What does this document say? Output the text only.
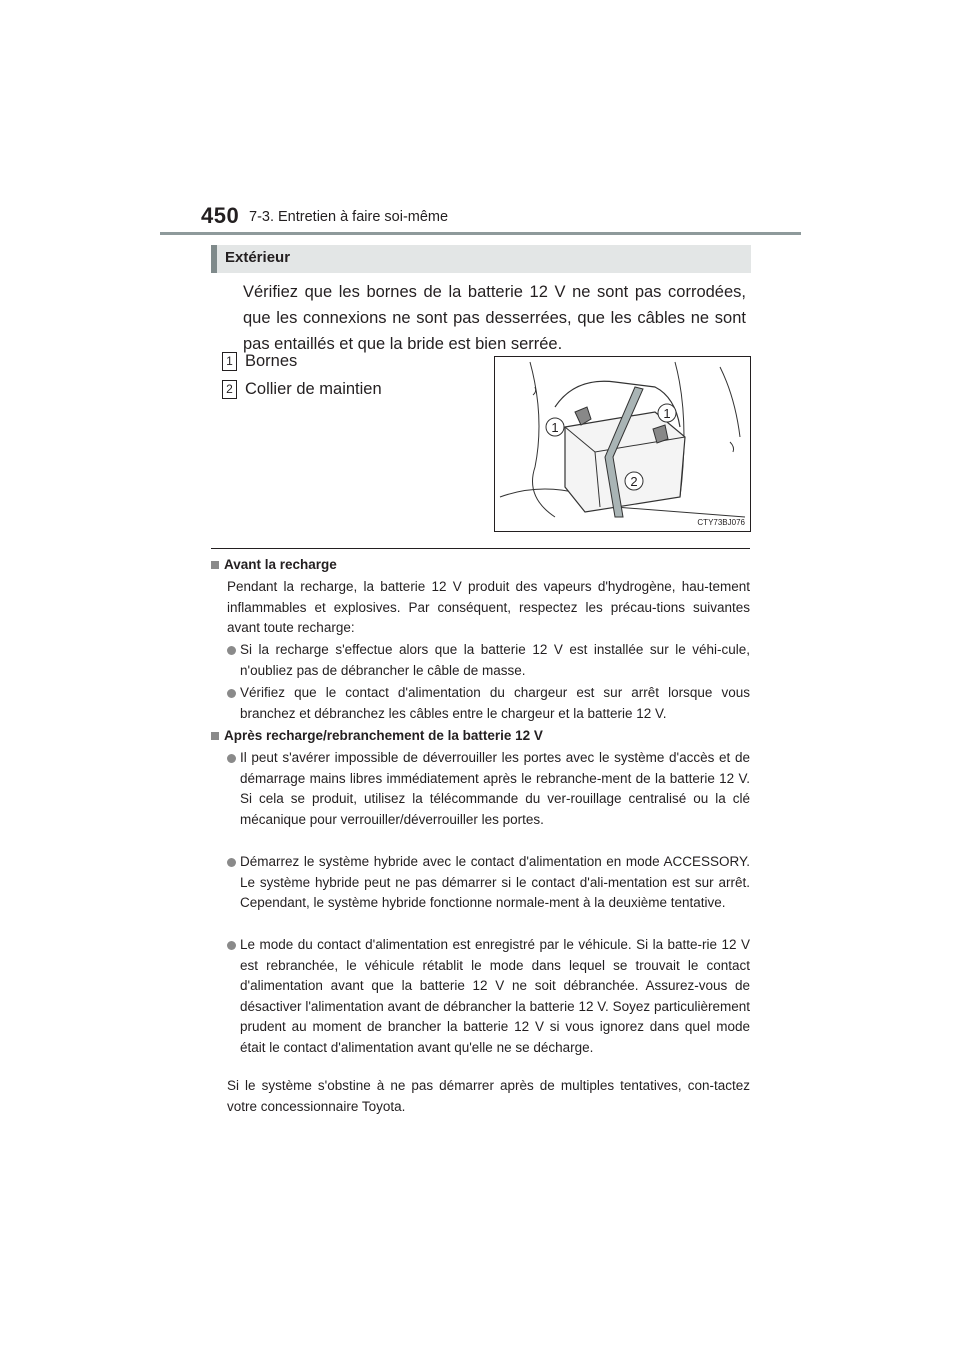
450 7-3. Entretien à faire soi-même
Extérieur
Vérifiez que les bornes de la batterie 12 V ne sont pas corrodées, que les connexions ne sont pas desserrées, que les câbles ne sont pas entaillés et que la bride est bien serrée.
1 Bornes
2 Collier de maintien
1
1
2
CTY73BJ076
Avant la recharge
Pendant la recharge, la batterie 12 V produit des vapeurs d'hydrogène, hau-tement inflammables et explosives. Par conséquent, respectez les précau-tions suivantes avant toute recharge:
Si la recharge s'effectue alors que la batterie 12 V est installée sur le véhi-cule, n'oubliez pas de débrancher le câble de masse.
Vérifiez que le contact d'alimentation du chargeur est sur arrêt lorsque vous branchez et débranchez les câbles entre le chargeur et la batterie 12 V.
Après recharge/rebranchement de la batterie 12 V
Il peut s'avérer impossible de déverrouiller les portes avec le système d'accès et de démarrage mains libres immédiatement après le rebranche-ment de la batterie 12 V. Si cela se produit, utilisez la télécommande du ver-rouillage centralisé ou la clé mécanique pour verrouiller/déverrouiller les portes.
Démarrez le système hybride avec le contact d'alimentation en mode ACCESSORY. Le système hybride peut ne pas démarrer si le contact d'ali-mentation est sur arrêt. Cependant, le système hybride fonctionne normale-ment à la deuxième tentative.
Le mode du contact d'alimentation est enregistré par le véhicule. Si la batte-rie 12 V est rebranchée, le véhicule rétablit le mode dans lequel se trouvait le contact d'alimentation avant que la batterie 12 V ne soit débranchée. Assurez-vous de désactiver l'alimentation avant de débrancher la batterie 12 V. Soyez particulièrement prudent au moment de brancher la batterie 12 V si vous ignorez dans quel mode était le contact d'alimentation avant qu'elle ne se décharge.
Si le système s'obstine à ne pas démarrer après de multiples tentatives, con-tactez votre concessionnaire Toyota.
